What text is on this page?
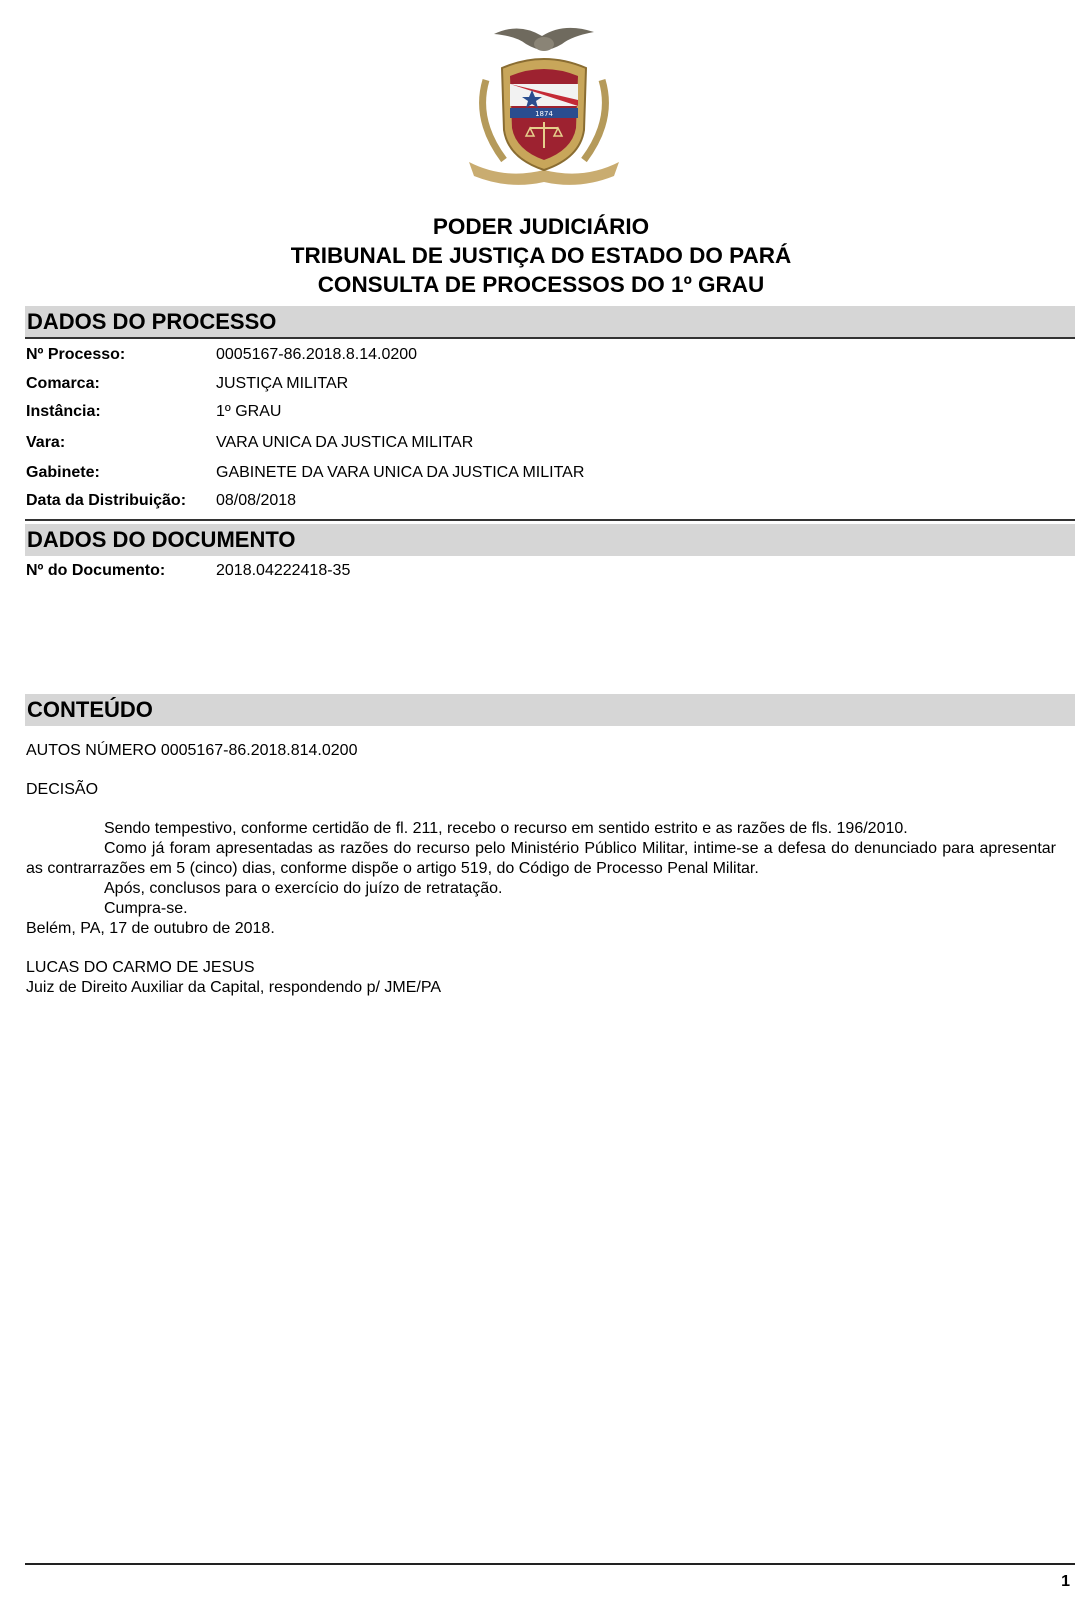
1874
PODER JUDICIÁRIO
TRIBUNAL DE JUSTIÇA DO ESTADO DO PARÁ
CONSULTA DE PROCESSOS DO 1º GRAU
DADOS DO PROCESSO
Nº Processo:	0005167-86.2018.8.14.0200
Comarca:	JUSTIÇA MILITAR
Instância:	1º GRAU
Vara:	VARA UNICA DA JUSTICA MILITAR
Gabinete:	GABINETE DA VARA UNICA DA JUSTICA MILITAR
Data da Distribuição: 08/08/2018
DADOS DO DOCUMENTO
Nº do Documento:	2018.04222418-35
CONTEÚDO

AUTOS NÚMERO 0005167-86.2018.814.0200

DECISÃO

Sendo tempestivo, conforme certidão de fl. 211, recebo o recurso em sentido estrito e as razões de fls. 196/2010.

Como já foram apresentadas as razões do recurso pelo Ministério Público Militar, intime-se a defesa do denunciado para apresentar as contrarrazões em 5 (cinco) dias, conforme dispõe o artigo 519, do Código de Processo Penal Militar.

Após, conclusos para o exercício do juízo de retratação.

Cumpra-se.

Belém, PA, 17 de outubro de 2018.

LUCAS DO CARMO DE JESUS

Juiz de Direito Auxiliar da Capital, respondendo p/ JME/PA

1
